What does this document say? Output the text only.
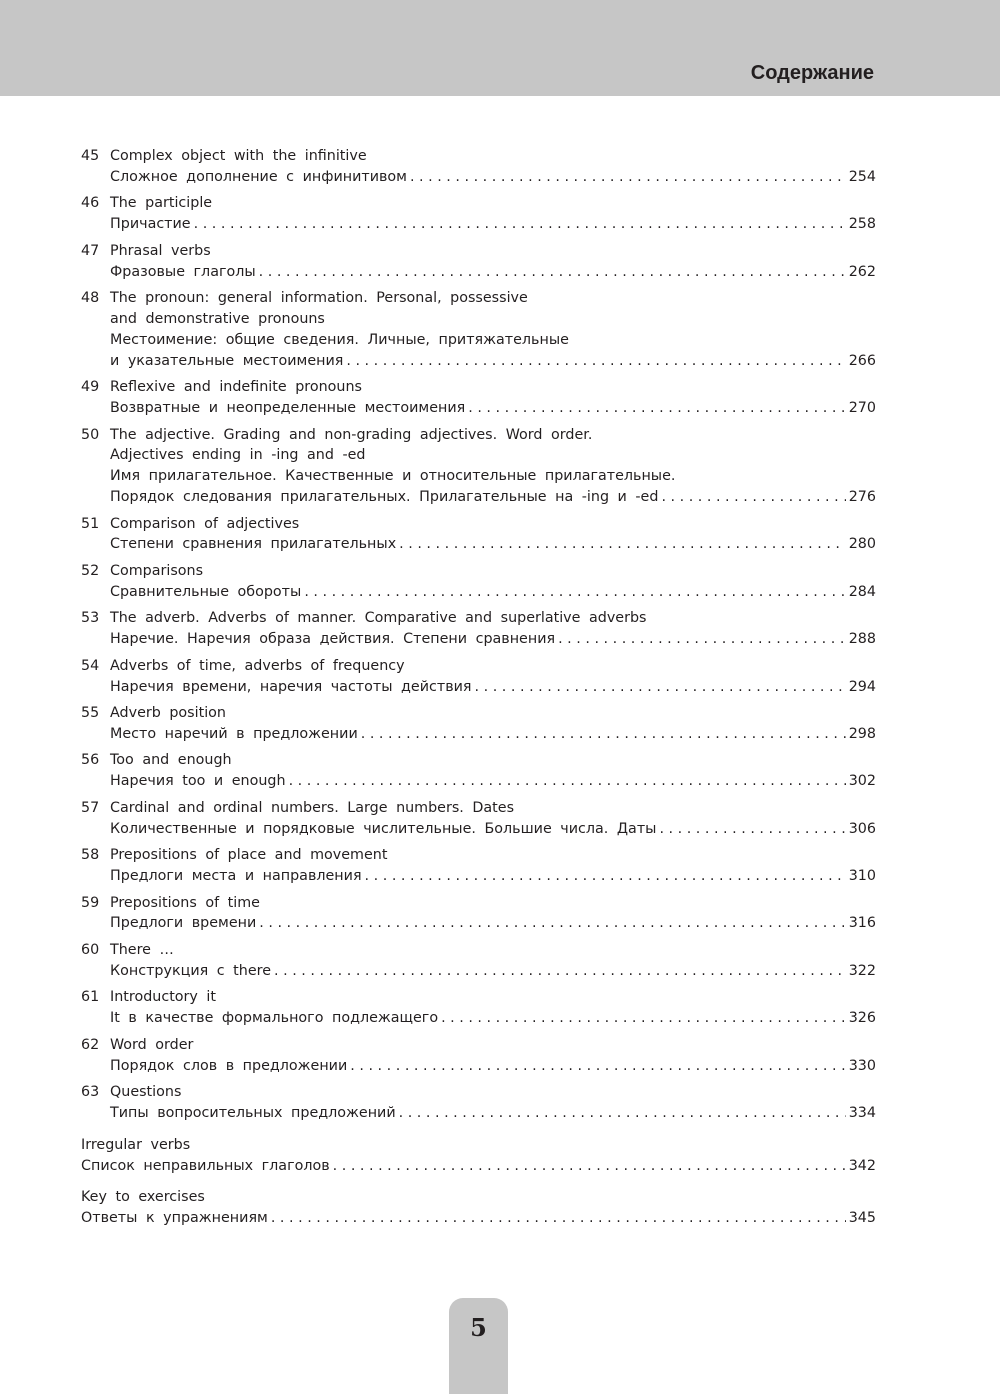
Содержание
45 Complex object with the infinitive
Сложное дополнение с инфинитивом . . .	254
46 The participle
Причастие . . .	258
47 Phrasal verbs
Фразовые глаголы . . .	262
48 The pronoun: general information. Personal, possessive
and demonstrative pronouns
Местоимение: общие сведения. Личные, притяжательные
и указательные местоимения . . .	266
49 Reflexive and indefinite pronouns
Возвратные и неопределенные местоимения . . .	270
50 The adjective. Grading and non-grading adjectives. Word order.
Adjectives ending in -ing and -ed
Имя прилагательное. Качественные и относительные прилагательные.
Порядок следования прилагательных. Прилагательные на -ing и -ed . . .	276
51 Comparison of adjectives
Степени сравнения прилагательных . . .	280
52 Comparisons
Сравнительные обороты . . .	284
53 The adverb. Adverbs of manner. Comparative and superlative adverbs
Наречие. Наречия образа действия. Степени сравнения . . .	288
54 Adverbs of time, adverbs of frequency
Наречия времени, наречия частоты действия . . .	294
55 Adverb position
Место наречий в предложении . . .	298
56 Too and enough
Наречия too и enough . . .	302
57 Cardinal and ordinal numbers. Large numbers. Dates
Количественные и порядковые числительные. Большие числа. Даты . . .	306
58 Prepositions of place and movement
Предлоги места и направления . . .	310
59 Prepositions of time
Предлоги времени . . .	316
60 There …
Конструкция с there . . .	322
61 Introductory it
It в качестве формального подлежащего . . .	326
62 Word order
Порядок слов в предложении . . .	330
63 Questions
Типы вопросительных предложений . . .	334
Irregular verbs
Список неправильных глаголов . . .	342
Key to exercises
Ответы к упражнениям . . .	345
5
